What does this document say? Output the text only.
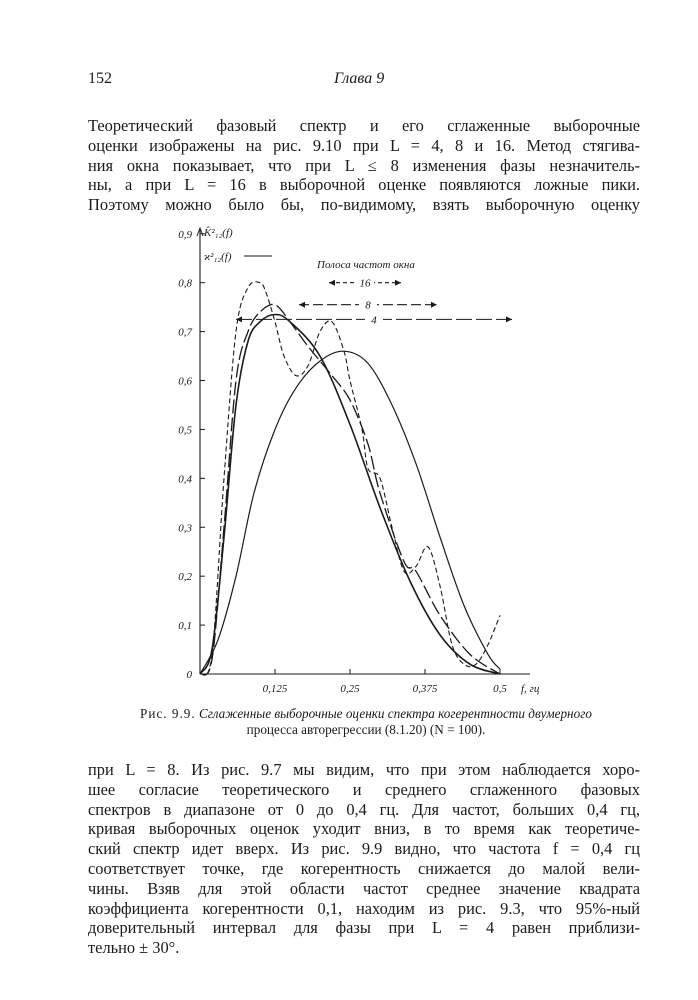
152	Глава 9

Теоретический фазовый спектр и его сглаженные выборочные
оценки изображены на рис. 9.10 при L = 4, 8 и 16. Метод стягива-
ния окна показывает, что при L ≤ 8 изменения фазы незначитель-
ны, а при L = 16 в выборочной оценке появляются ложные пики.
Поэтому можно было бы, по-видимому, взять выборочную оценку

0
0,1
0,2
0,3
0,4
0,5
0,6
0,7
0,8
0,9
0,125	0,25	0,375	0,5 f, гц
K̂²₁₂(f)
ϰ²₁₂(f)
Полоса частот окна
16
8
4

Рис. 9.9. Сглаженные выборочные оценки спектра когерентности двумерного
процесса авторегрессии (8.1.20) (N = 100).

при L = 8. Из рис. 9.7 мы видим, что при этом наблюдается хоро-
шее согласие теоретического и среднего сглаженного фазовых
спектров в диапазоне от 0 до 0,4 гц. Для частот, больших 0,4 гц,
кривая выборочных оценок уходит вниз, в то время как теоретиче-
ский спектр идет вверх. Из рис. 9.9 видно, что частота f = 0,4 гц
соответствует точке, где когерентность снижается до малой вели-
чины. Взяв для этой области частот среднее значение квадрата
коэффициента когерентности 0,1, находим из рис. 9.3, что 95%-ный
доверительный интервал для фазы при L = 4 равен приблизи-
тельно ± 30°.
